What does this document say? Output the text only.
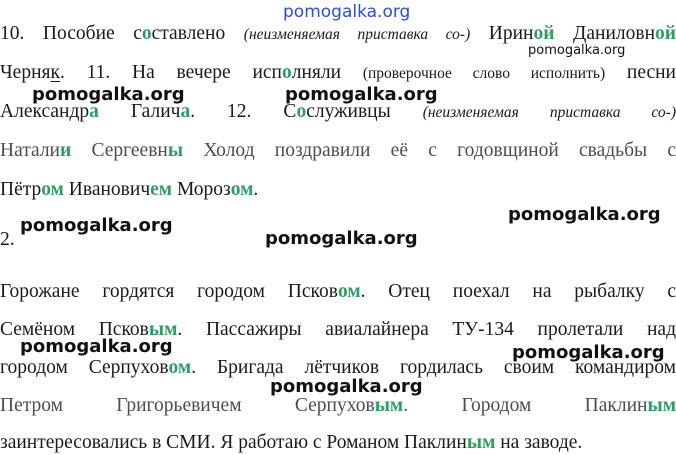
10. Пособие составлено (неизменяемая приставка со-) Ириной Даниловной
Черняк. 11. На вечере исполняли (проверочное слово исполнить) песни
Александра Галича. 12. Сослуживцы (неизменяемая приставка со-)
Наталии Сергеевны Холод поздравили её с годовщиной свадьбы с
Пётром Ивановичем Морозом.
2.
Горожане гордятся городом Псковом. Отец поехал на рыбалку с
Семёном Псковым. Пассажиры авиалайнера ТУ-134 пролетали над
городом Серпуховом. Бригада лётчиков гордилась своим командиром
Петром Григорьевичем Серпуховым. Городом Паклиным
заинтересовались в СМИ. Я работаю с Романом Паклиным на заводе.
pomogalka.org
pomogalka.org
pomogalka.org	pomogalka.org
pomogalka.org
pomogalka.org
pomogalka.org
pomogalka.org	pomogalka.org
pomogalka.org
